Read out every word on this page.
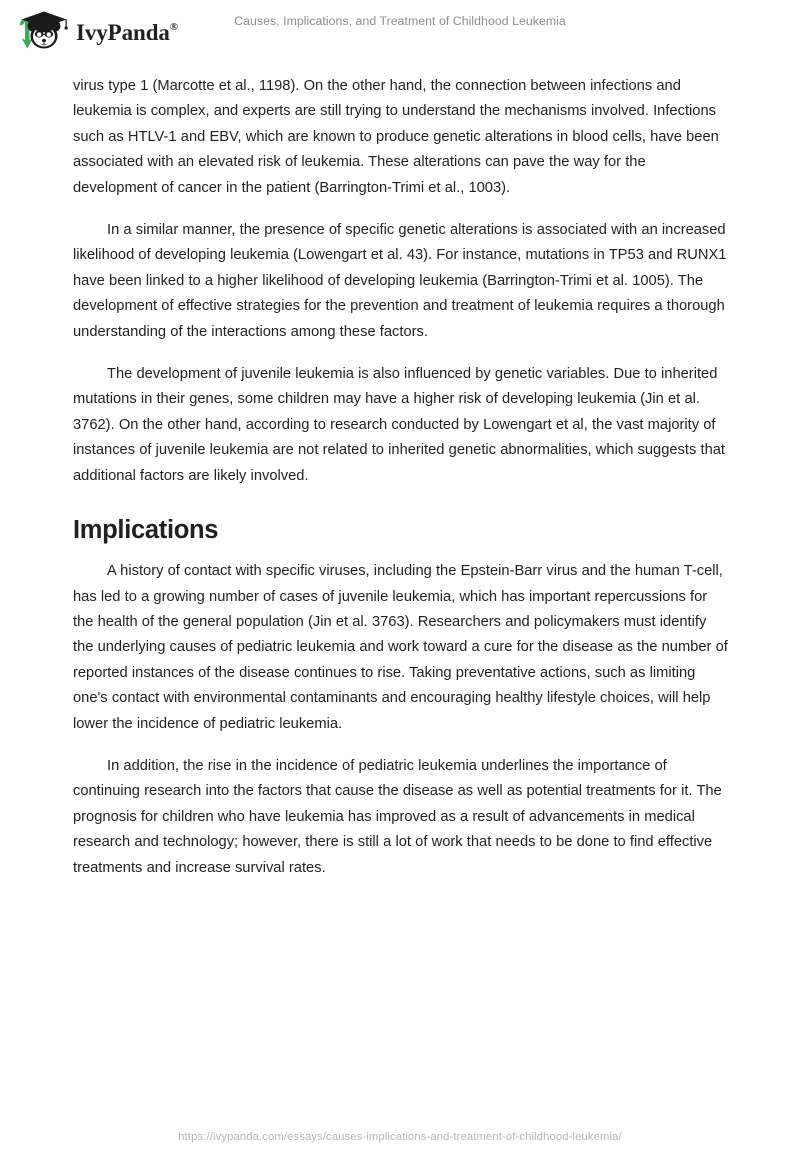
IvyPanda®	Causes, Implications, and Treatment of Childhood Leukemia

virus type 1 (Marcotte et al., 1198). On the other hand, the connection between infections and leukemia is complex, and experts are still trying to understand the mechanisms involved. Infections such as HTLV-1 and EBV, which are known to produce genetic alterations in blood cells, have been associated with an elevated risk of leukemia. These alterations can pave the way for the development of cancer in the patient (Barrington-Trimi et al., 1003).

In a similar manner, the presence of specific genetic alterations is associated with an increased likelihood of developing leukemia (Lowengart et al. 43). For instance, mutations in TP53 and RUNX1 have been linked to a higher likelihood of developing leukemia (Barrington-Trimi et al. 1005). The development of effective strategies for the prevention and treatment of leukemia requires a thorough understanding of the interactions among these factors.

The development of juvenile leukemia is also influenced by genetic variables. Due to inherited mutations in their genes, some children may have a higher risk of developing leukemia (Jin et al. 3762). On the other hand, according to research conducted by Lowengart et al, the vast majority of instances of juvenile leukemia are not related to inherited genetic abnormalities, which suggests that additional factors are likely involved.

Implications

A history of contact with specific viruses, including the Epstein-Barr virus and the human T-cell, has led to a growing number of cases of juvenile leukemia, which has important repercussions for the health of the general population (Jin et al. 3763). Researchers and policymakers must identify the underlying causes of pediatric leukemia and work toward a cure for the disease as the number of reported instances of the disease continues to rise. Taking preventative actions, such as limiting one's contact with environmental contaminants and encouraging healthy lifestyle choices, will help lower the incidence of pediatric leukemia.

In addition, the rise in the incidence of pediatric leukemia underlines the importance of continuing research into the factors that cause the disease as well as potential treatments for it. The prognosis for children who have leukemia has improved as a result of advancements in medical research and technology; however, there is still a lot of work that needs to be done to find effective treatments and increase survival rates.

https://ivypanda.com/essays/causes-implications-and-treatment-of-childhood-leukemia/
